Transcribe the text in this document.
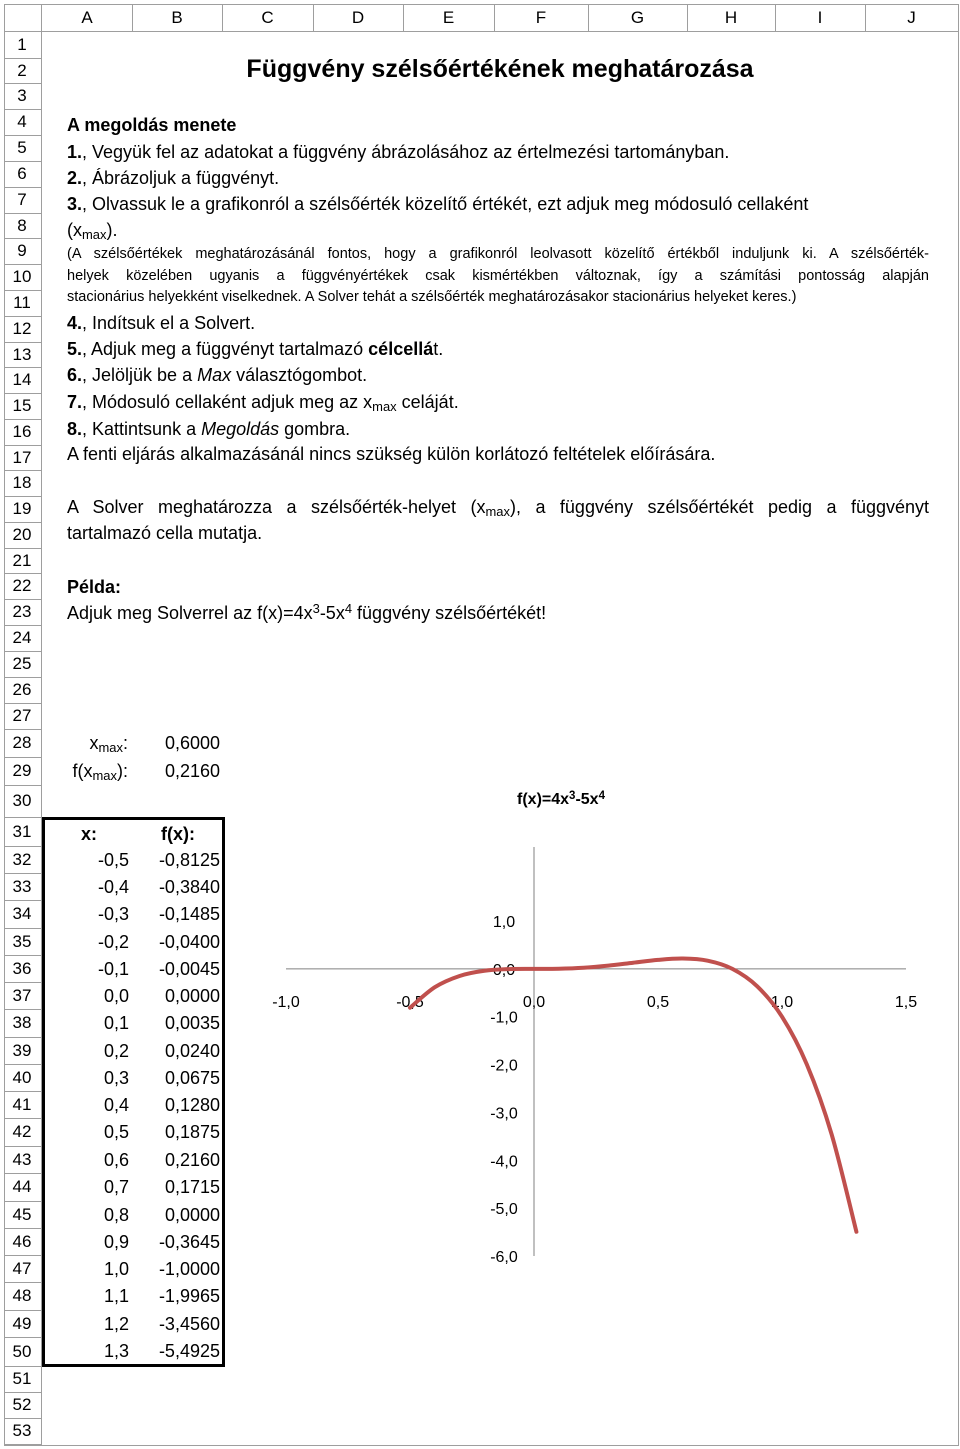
A	B	C	D	E	F	G	H	I	J
1
2
3
4
5
6
7
8
9
10
11
12
13
14
15
16
17
18
19
20
21
22
23
24
25
26
27
28
29
30
31
32
33
34
35
36
37
38
39
40
41
42
43
44
45
46
47
48
49
50
51
52
53
Függvény szélsőértékének meghatározása
A megoldás menete
1., Vegyük fel az adatokat a függvény ábrázolásához az értelmezési tartományban.
2., Ábrázoljuk a függvényt.
3., Olvassuk le a grafikonról a szélsőérték közelítő értékét, ezt adjuk meg módosuló cellaként
$(x_{max})$.
(A szélsőértékek meghatározásánál fontos, hogy a grafikonról leolvasott közelítő értékből induljunk ki. A szélsőérték-
helyek közelében ugyanis a függvényértékek csak kismértékben változnak, így a számítási pontosság alapján
stacionárius helyekként viselkednek. A Solver tehát a szélsőérték meghatározásakor stacionárius helyeket keres.)
4., Indítsuk el a Solvert.
5., Adjuk meg a függvényt tartalmazó célcellát.
6., Jelöljük be a Max választógombot.
7., Módosuló cellaként adjuk meg az $x_{max}$ celáját.
8., Kattintsunk a Megoldás gombra.
A fenti eljárás alkalmazásánál nincs szükség külön korlátozó feltételek előírására.
A Solver meghatározza a szélsőérték-helyet $(x_{max})$, a függvény szélsőértékét pedig a függvényt
tartalmazó cella mutatja.
Példa:
Adjuk meg Solverrel az $f(x)=4x^3-5x^4$ függvény szélsőértékét!
$x_{max}$:	0,6000
$f(x_{max})$:	0,2160
x:	f(x):
-0,5	-0,8125
-0,4	-0,3840
-0,3	-0,1485
-0,2	-0,0400
-0,1	-0,0045
0,0	0,0000
0,1	0,0035
0,2	0,0240
0,3	0,0675
0,4	0,1280
0,5	0,1875
0,6	0,2160
0,7	0,1715
0,8	0,0000
0,9	-0,3645
1,0	-1,0000
1,1	-1,9965
1,2	-3,4560
1,3	-5,4925
$f(x)=4x^3-5x^4$
-1,0	-0,5	0,0	0,5	1,0	1,5
1,0
0,0
-1,0
-2,0
-3,0
-4,0
-5,0
-6,0
